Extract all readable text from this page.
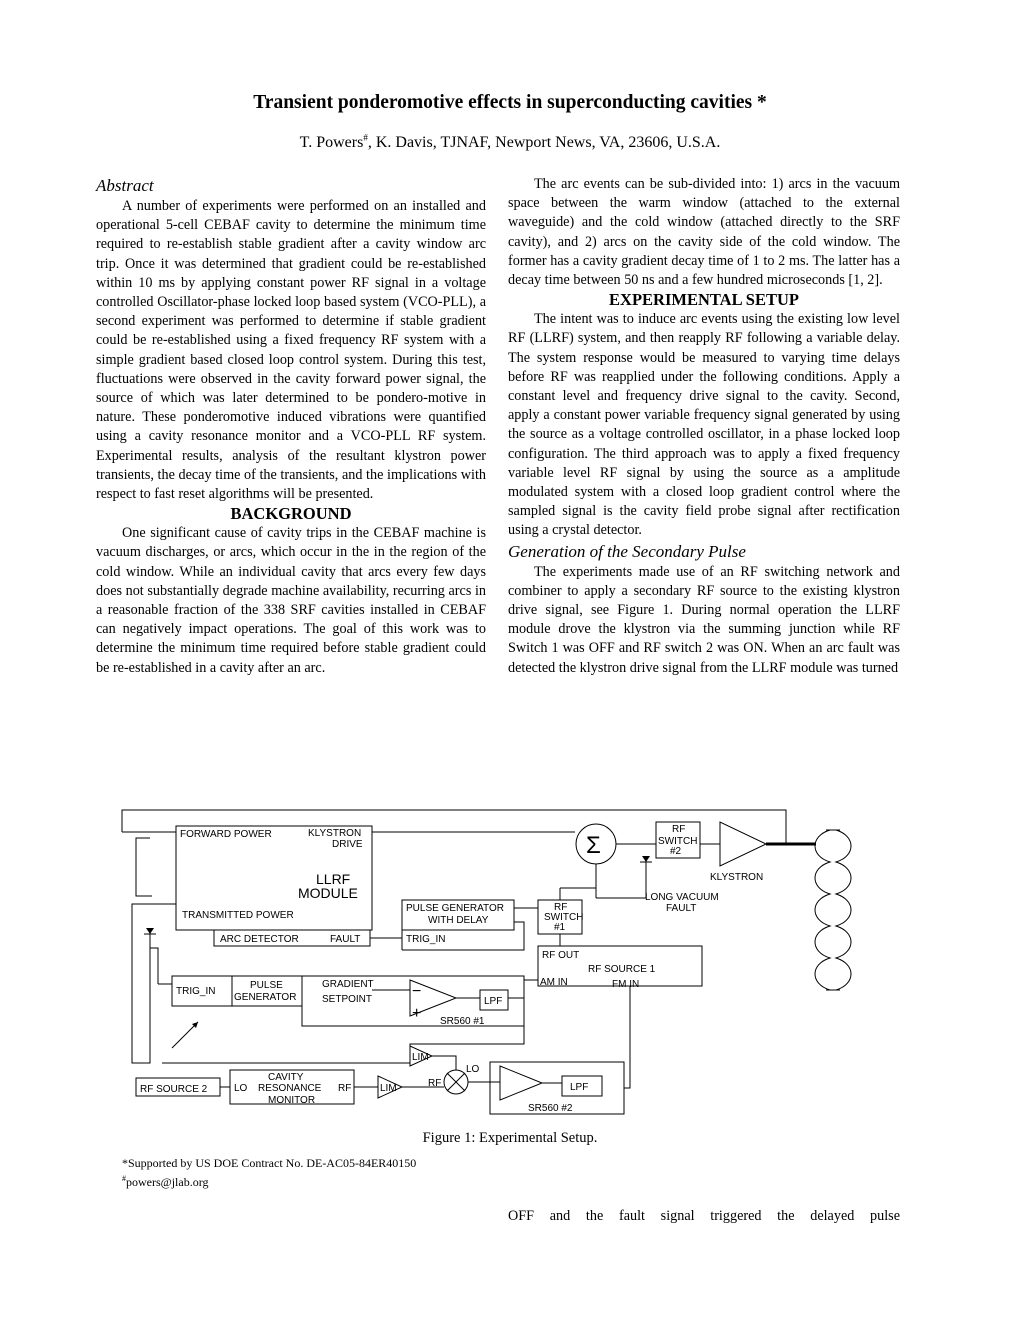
Transient ponderomotive effects in superconducting cavities *
T. Powers#, K. Davis, TJNAF, Newport News, VA, 23606, U.S.A.

Abstract

A number of experiments were performed on an installed and operational 5-cell CEBAF cavity to determine the minimum time required to re-establish stable gradient after a cavity window arc trip. Once it was determined that gradient could be re-established within 10 ms by applying constant power RF signal in a voltage controlled Oscillator-phase locked loop based system (VCO-PLL), a second experiment was performed to determine if stable gradient could be re-established using a fixed frequency RF system with a simple gradient based closed loop control system. During this test, fluctuations were observed in the cavity forward power signal, the source of which was later determined to be pondero-motive in nature. These ponderomotive induced vibrations were quantified using a cavity resonance monitor and a VCO-PLL RF system. Experimental results, analysis of the resultant klystron power transients, the decay time of the transients, and the implications with respect to fast reset algorithms will be presented.

BACKGROUND

One significant cause of cavity trips in the CEBAF machine is vacuum discharges, or arcs, which occur in the in the region of the cold window. While an individual cavity that arcs every few days does not substantially degrade machine availability, recurring arcs in a reasonable fraction of the 338 SRF cavities installed in CEBAF can negatively impact operations. The goal of this work was to determine the minimum time required before stable gradient could be re-established in a cavity after an arc.

The arc events can be sub-divided into: 1) arcs in the vacuum space between the warm window (attached to the external waveguide) and the cold window (attached directly to the SRF cavity), and 2) arcs on the cavity side of the cold window. The former has a cavity gradient decay time of 1 to 2 ms. The latter has a decay time between 50 ns and a few hundred microseconds [1, 2].

EXPERIMENTAL SETUP

The intent was to induce arc events using the existing low level RF (LLRF) system, and then reapply RF following a variable delay. The system response would be measured to varying time delays before RF was reapplied under the following conditions. Apply a constant level and frequency drive signal to the cavity. Second, apply a constant power variable frequency signal generated by using the source as a voltage controlled oscillator, in a phase locked loop configuration. The third approach was to apply a fixed frequency variable level RF signal by using the source as a amplitude modulated system with a closed loop gradient control where the sampled signal is the cavity field probe signal after rectification using a crystal detector.

Generation of the Secondary Pulse

The experiments made use of an RF switching network and combiner to apply a secondary RF source to the existing klystron drive signal, see Figure 1. During normal operation the LLRF module drove the klystron via the summing junction while RF Switch 1 was OFF and RF switch 2 was ON. When an arc fault was detected the klystron drive signal from the LLRF module was turned

FORWARD POWER	KLYSTRON
DRIVE
LLRF
MODULE
TRANSMITTED POWER
ARC DETECTOR	FAULT
PULSE GENERATOR
WITH DELAY
TRIG_IN
RF
SWITCH
#1
RF
SWITCH
#2
Σ
KLYSTRON
LONG VACUUM
FAULT
RF OUT
RF SOURCE 1
AM IN	FM IN
TRIG_IN
PULSE
GENERATOR
GRADIENT
SETPOINT −
+
LPF
SR560 #1
LIM
LO
RF
CAVITY
RESONANCE
MONITOR
LO	RF
RF SOURCE 2	LIM	LPF
SR560 #2
Figure 1: Experimental Setup.
*Supported by US DOE Contract No. DE-AC05-84ER40150
#powers@jlab.org
OFF and the fault signal triggered the delayed pulse
